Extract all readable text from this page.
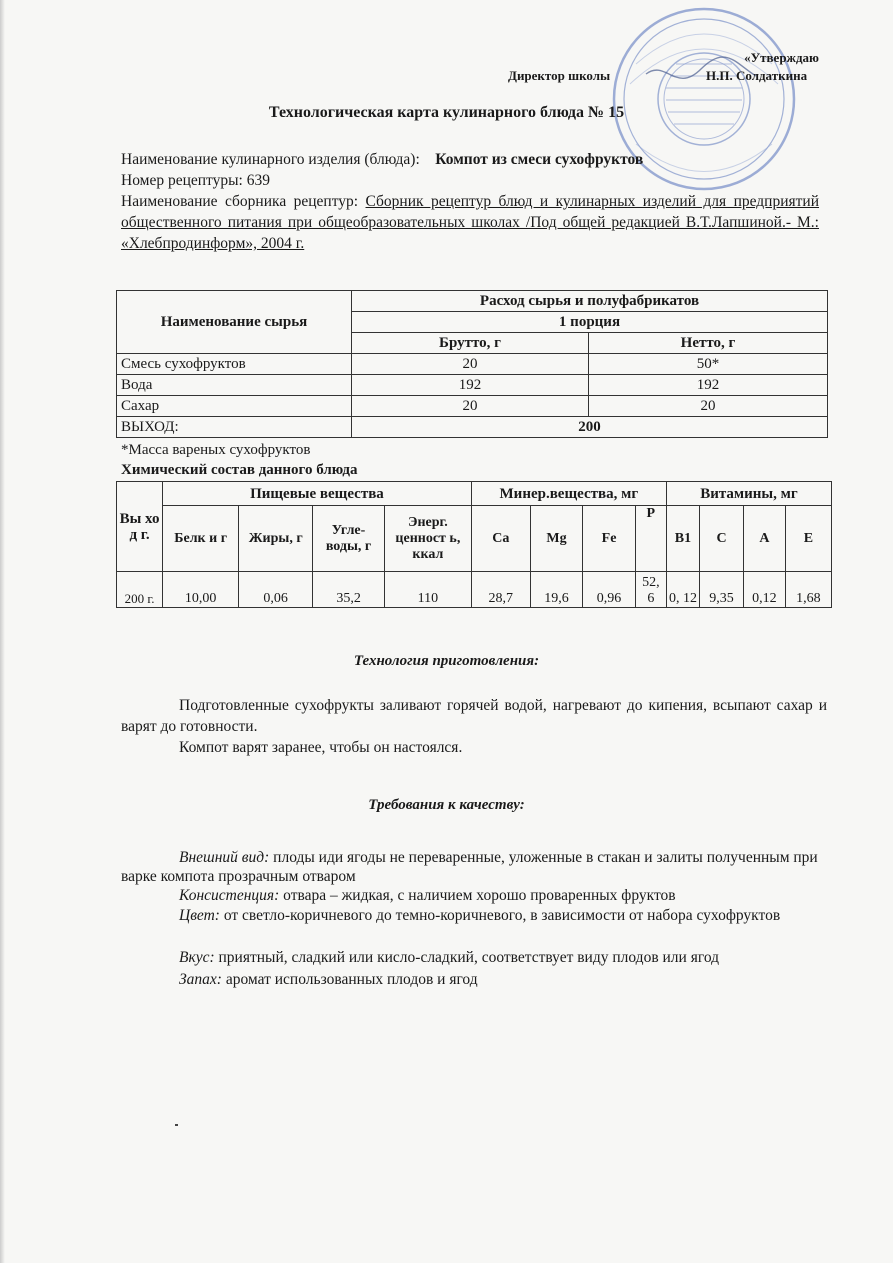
«Утверждаю
Директор школы	Н.П. Солдаткина
Технологическая карта кулинарного блюда № 15
Наименование кулинарного изделия (блюда): Компот из смеси сухофруктов
Номер рецептуры: 639
Наименование сборника рецептур: Сборник рецептур блюд и кулинарных изделий для предприятий общественного питания при общеобразовательных школах /Под общей редакцией В.Т.Лапшиной.- М.: «Хлебпродинформ», 2004 г.
Наименование сырья	Расход сырья и полуфабрикатов	
	1 порция	
	Брутто, г	Нетто, г
Смесь сухофруктов	20	50*
Вода	192	192
Сахар	20	20
ВЫХОД:	200	
*Масса вареных сухофруктов
Химический состав данного блюда
Вы хо д г.	Пищевые вещества				Минер.вещества, мг				Витамины, мг			
	Белк и г	Жиры, г	Угле- воды, г	Энерг. ценност ь, ккал	Ca	Mg	Fe	P	B1	C	A	E
200 г.	10,00	0,06	35,2	110	28,7	19,6	0,96	52, 6	0, 12	9,35	0,12	1,68
Технология приготовления:
Подготовленные сухофрукты заливают горячей водой, нагревают до кипения, всыпают сахар и варят до готовности.
Компот варят заранее, чтобы он настоялся.
Требования к качеству:
Внешний вид: плоды иди ягоды не переваренные, уложенные в стакан и залиты полученным при варке компота прозрачным отваром
Консистенция: отвара – жидкая, с наличием хорошо проваренных фруктов
Цвет: от светло-коричневого до темно-коричневого, в зависимости от набора сухофруктов
Вкус: приятный, сладкий или кисло-сладкий, соответствует виду плодов или ягод
Запах: аромат использованных плодов и ягод
